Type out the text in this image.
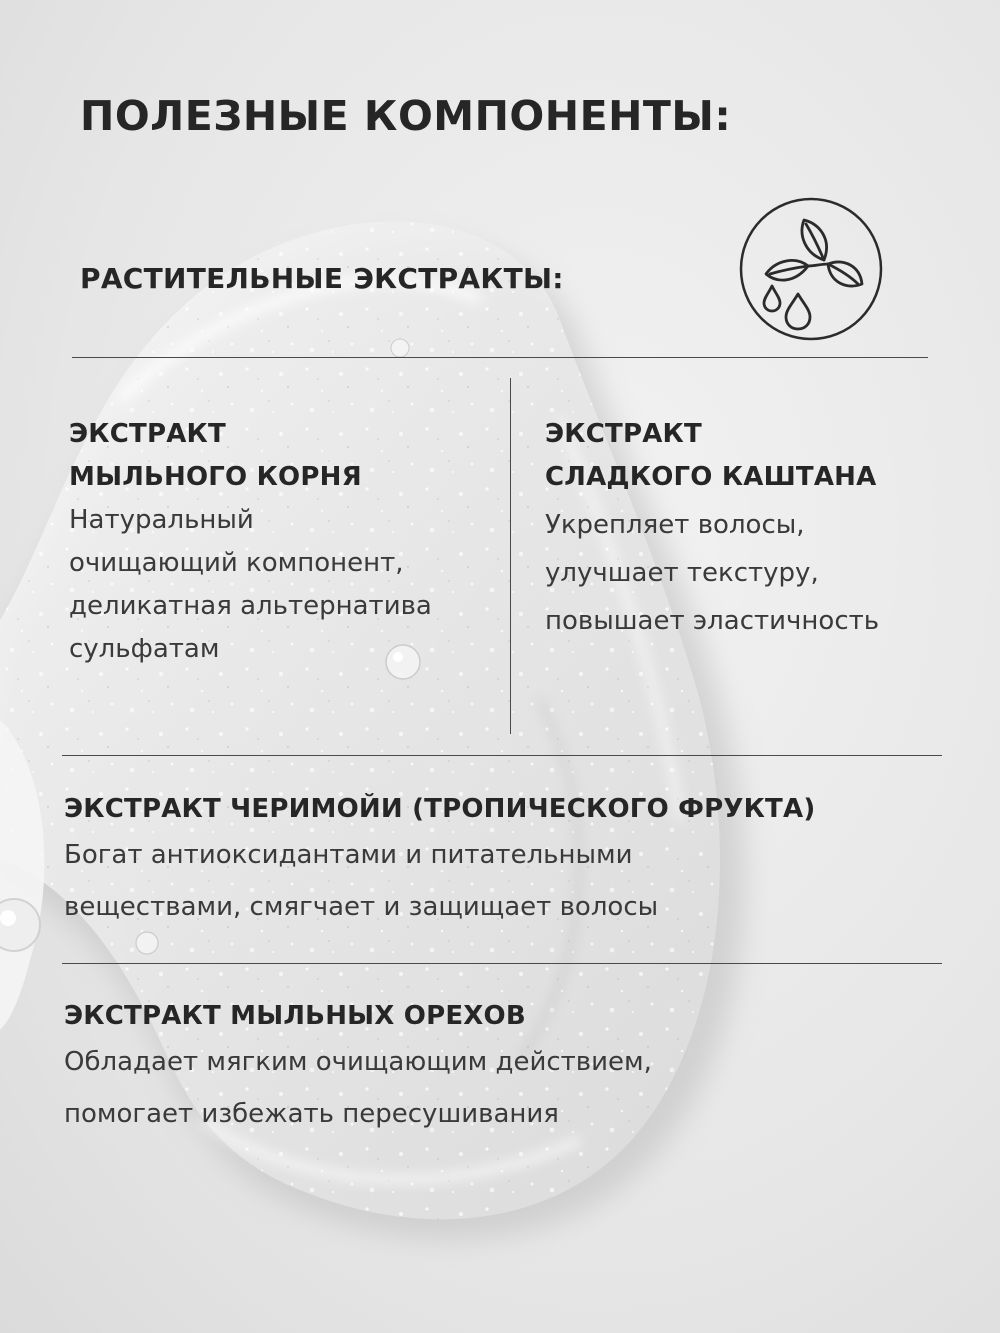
ПОЛЕЗНЫЕ КОМПОНЕНТЫ:
РАСТИТЕЛЬНЫЕ ЭКСТРАКТЫ:

ЭКСТРАКТ
МЫЛЬНОГО КОРНЯ

Натуральный
очищающий компонент,
деликатная альтернатива
сульфатам

ЭКСТРАКТ
СЛАДКОГО КАШТАНА

Укрепляет волосы,
улучшает текстуру,
повышает эластичность

ЭКСТРАКТ ЧЕРИМОЙИ (ТРОПИЧЕСКОГО ФРУКТА)

Богат антиоксидантами и питательными
веществами, смягчает и защищает волосы

ЭКСТРАКТ МЫЛЬНЫХ ОРЕХОВ

Обладает мягким очищающим действием,
помогает избежать пересушивания
